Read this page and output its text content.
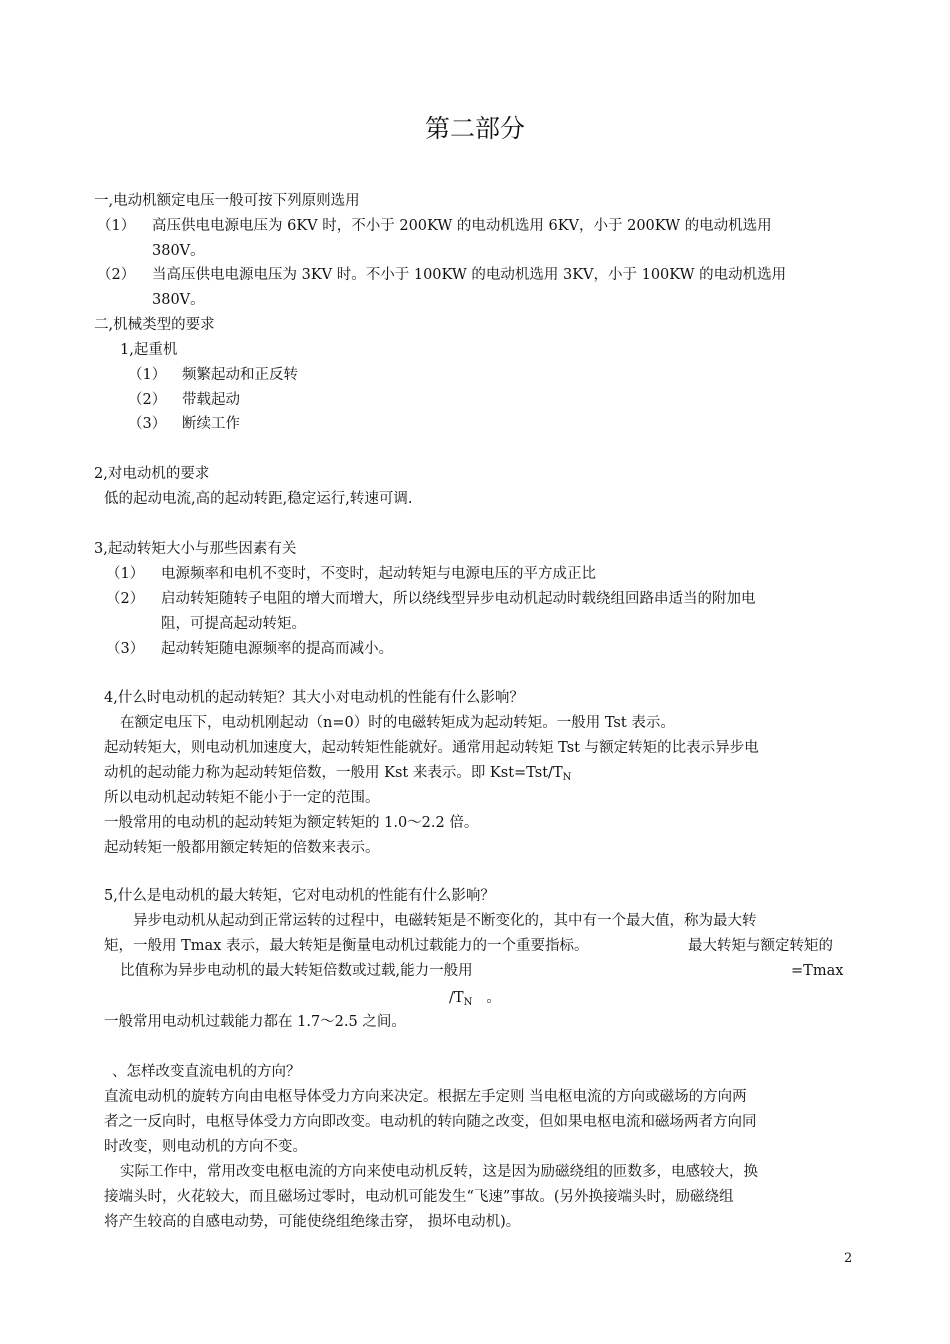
第二部分
一,电动机额定电压一般可按下列原则选用
（1） 高压供电电源电压为 6KV 时，不小于 200KW 的电动机选用 6KV，小于 200KW 的电动机选用
380V。
（2） 当高压供电电源电压为 3KV 时。不小于 100KW 的电动机选用 3KV，小于 100KW 的电动机选用
380V。
二,机械类型的要求
1,起重机
（1） 频繁起动和正反转
（2） 带载起动
（3） 断续工作
2,对电动机的要求
低的起动电流,高的起动转距,稳定运行,转速可调.
3,起动转矩大小与那些因素有关
（1） 电源频率和电机不变时，不变时，起动转矩与电源电压的平方成正比
（2） 启动转矩随转子电阻的增大而增大，所以绕线型异步电动机起动时载绕组回路串适当的附加电
阻，可提高起动转矩。
（3） 起动转矩随电源频率的提高而减小。
4,什么时电动机的起动转矩？其大小对电动机的性能有什么影响？
在额定电压下，电动机刚起动（n=0）时的电磁转矩成为起动转矩。一般用 Tst 表示。
起动转矩大，则电动机加速度大，起动转矩性能就好。通常用起动转矩 Tst 与额定转矩的比表示异步电
动机的起动能力称为起动转矩倍数，一般用 Kst 来表示。即 $Kst=Tst/T_N$
所以电动机起动转矩不能小于一定的范围。
一般常用的电动机的起动转矩为额定转矩的 1.0～2.2 倍。
起动转矩一般都用额定转矩的倍数来表示。
5,什么是电动机的最大转矩，它对电动机的性能有什么影响？
异步电动机从起动到正常运转的过程中，电磁转矩是不断变化的，其中有一个最大值，称为最大转
矩，一般用 Tmax 表示，最大转矩是衡量电动机过载能力的一个重要指标。	最大转矩与额定转矩的
比值称为异步电动机的最大转矩倍数或过载,能力一般用	=Tmax
$/T_N$ 。
一般常用电动机过载能力都在 1.7～2.5 之间。
、怎样改变直流电机的方向？
直流电动机的旋转方向由电枢导体受力方向来决定。根据左手定则 当电枢电流的方向或磁场的方向两
者之一反向时，电枢导体受力方向即改变。电动机的转向随之改变，但如果电枢电流和磁场两者方向同
时改变，则电动机的方向不变。
实际工作中，常用改变电枢电流的方向来使电动机反转，这是因为励磁绕组的匝数多，电感较大，换
接端头时，火花较大，而且磁场过零时，电动机可能发生“飞速”事故。(另外换接端头时，励磁绕组
将产生较高的自感电动势，可能使绕组绝缘击穿， 损坏电动机)。
2
